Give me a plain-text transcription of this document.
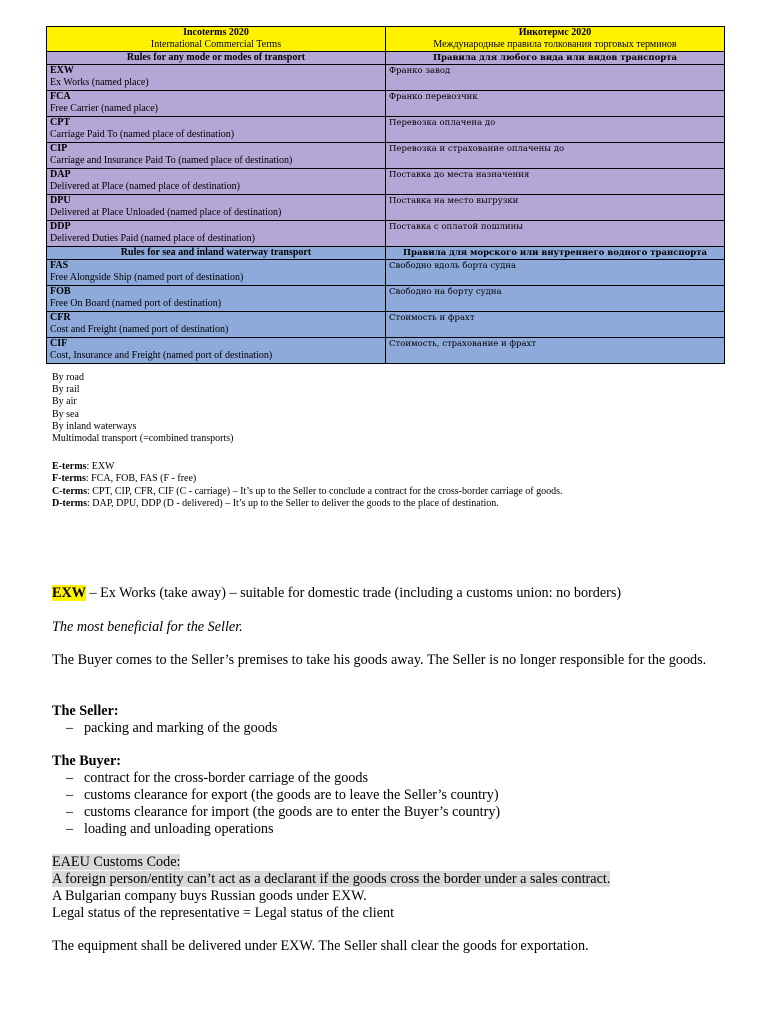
Incoterms 2020
International Commercial Terms	Инкотермс 2020
Международные правила толкования торговых терминов
Rules for any mode or modes of transport	Правила для любого вида или видов транспорта

EXW
Ex Works (named place)	Франко завод

FCA
Free Carrier (named place)	Франко перевозчик

CPT
Carriage Paid To (named place of destination)	Перевозка оплачена до

CIP
Carriage and Insurance Paid To (named place of destination)	Перевозка и страхование оплачены до

DAP
Delivered at Place (named place of destination)	Поставка до места назначения

DPU
Delivered at Place Unloaded (named place of destination)	Поставка на место выгрузки

DDP
Delivered Duties Paid (named place of destination)	Поставка с оплатой пошлины

Rules for sea and inland waterway transport	Правила для морского или внутреннего водного транспорта

FAS
Free Alongside Ship (named port of destination)	Свободно вдоль борта судна

FOB
Free On Board (named port of destination)	Свободно на борту судна

CFR
Cost and Freight (named port of destination)	Стоимость и фрахт

CIF
Cost, Insurance and Freight (named port of destination)	Стоимость, страхование и фрахт
By road
By rail
By air
By sea
By inland waterways
Multimodal transport (=combined transports)
E-terms: EXW
F-terms: FCA, FOB, FAS (F - free)
C-terms: CPT, CIP, CFR, CIF (C - carriage) – It’s up to the Seller to conclude a contract for the cross-border carriage of goods.
D-terms: DAP, DPU, DDP (D - delivered) – It’s up to the Seller to deliver the goods to the place of destination.
EXW – Ex Works (take away) – suitable for domestic trade (including a customs union: no borders)
The most beneficial for the Seller.
The Buyer comes to the Seller’s premises to take his goods away. The Seller is no longer responsible for the goods.
The Seller:
– packing and marking of the goods
The Buyer:
– contract for the cross-border carriage of the goods
– customs clearance for export (the goods are to leave the Seller’s country)
– customs clearance for import (the goods are to enter the Buyer’s country)
– loading and unloading operations
EAEU Customs Code:
A foreign person/entity can’t act as a declarant if the goods cross the border under a sales contract.
A Bulgarian company buys Russian goods under EXW.
Legal status of the representative = Legal status of the client
The equipment shall be delivered under EXW. The Seller shall clear the goods for exportation.
